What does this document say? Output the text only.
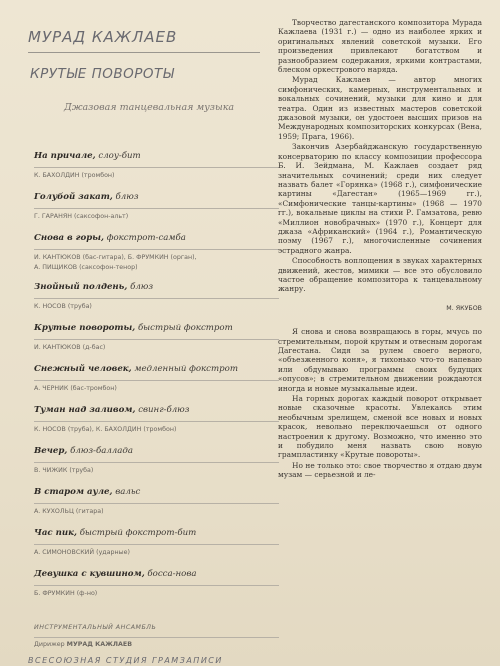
МУРАД КАЖЛАЕВ
КРУТЫЕ ПОВОРОТЫ
Джазовая танцевальная музыка
На причале, слоу-бит
К. БАХОЛДИН (тромбон)
Голубой закат, блюз
Г. ГАРАНЯН (саксофон-альт)
Снова в горы, фокстрот-самба
И. КАНТЮКОВ (бас-гитара), Б. ФРУМКИН (орган),
А. ПИЩИКОВ (саксофон-тенор)
Знойный полдень, блюз
К. НОСОВ (труба)
Крутые повороты, быстрый фокстрот
И. КАНТЮКОВ (д-бас)
Снежный человек, медленный фокстрот
А. ЧЕРНИК (бас-тромбон)
Туман над заливом, свинг-блюз
К. НОСОВ (труба), К. БАХОЛДИН (тромбон)
Вечер, блюз-баллада
В. ЧИЖИК (труба)
В старом ауле, вальс
А. КУХОЛЬЦ (гитара)
Час пик, быстрый фокстрот-бит
А. СИМОНОВСКИЙ (ударные)
Девушка с кувшином, босса-нова
Б. ФРУМКИН (ф-но)
ИНСТРУМЕНТАЛЬНЫЙ АНСАМБЛЬ
Дирижер МУРАД КАЖЛАЕВ

Творчество дагестанского композитора Мурада Кажлаева (1931 г.) — одно из наиболее ярких и оригинальных явлений советской музыки. Его произведения привлекают богатством и разнообразием содержания, яркими контрастами, блеском оркестрового наряда.

Мурад Кажлаев — автор многих симфонических, камерных, инструментальных и вокальных сочинений, музыки для кино и для театра. Один из известных мастеров советской джазовой музыки, он удостоен высших призов на Международных композиторских конкурсах (Вена, 1959; Прага, 1966).

Закончив Азербайджанскую государственную консерваторию по классу композиции профессора Б. И. Зейдмана, М. Кажлаев создает ряд значительных сочинений; среди них следует назвать балет «Горянка» (1968 г.), симфонические картины «Дагестан» (1965—1969 гг.), «Симфонические танцы-картины» (1968 — 1970 гг.), вокальные циклы на стихи Р. Гамзатова, ревю «Миллион новобрачных» (1970 г.), Концерт для джаза «Африканский» (1964 г.), Романтическую поэму (1967 г.), многочисленные сочинения эстрадного жанра.

Способность воплощения в звуках характерных движений, жестов, мимики — все это обусловило частое обращение композитора к танцевальному жанру.

М. ЯКУБОВ

Я снова и снова возвращаюсь в горы, мчусь по стремительным, порой крутым и отвесным дорогам Дагестана. Сидя за рулем своего верного, «объезженного коня», я тихонько что-то напеваю или обдумываю программы своих будущих «опусов»; в стремительном движении рождаются иногда и новые музыкальные идеи.

На горных дорогах каждый поворот открывает новые сказочные красоты. Увлекаясь этим необычным зрелищем, сменой все новых и новых красок, невольно переключаешься от одного настроения к другому. Возможно, что именно это и побудило меня назвать свою новую грампластинку «Крутые повороты».

Но не только это: свое творчество я отдаю двум музам — серьезной и ле-

ВСЕСОЮЗНАЯ СТУДИЯ ГРАМЗАПИСИ
